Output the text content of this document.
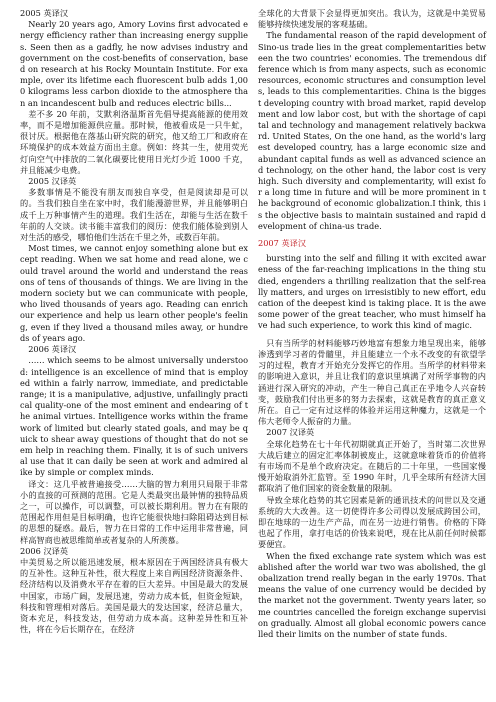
2005 英译汉

Nearly 20 years ago, Amory Lovins first advocated energy efficiency rather than increasing energy supplies. Seen then as a gadfly, he now advises industry and government on the cost-benefits of conservation, based on research at his Rocky Mountain Institute. For example, over its lifetime each fluorescent bulb adds 1,000 kilograms less carbon dioxide to the atmosphere than an incandescent bulb and reduces electric bills...

差不多 20 年前，艾默利洛温斯首先倡导提高能源的使用效率，而不是增加能源供应量。那时候，他被看成是一只牛虻，很讨厌。根据他在落基山研究院的研究，他又给工厂和政府在环境保护的成本效益方面出主意。例如：终其一生，使用荧光灯向空气中排放的二氧化碳要比使用日光灯少近 1000 千克，并且能减少电费。

2005 汉译英

多数事情是不能没有朋友而独自享受，但是阅读却是可以的。当我们独自坐在家中时，我们能漫游世界，并且能够明白成千上万种事情产生的道理。我们生活在，却能与生活在数千年前的人交谈。读书能丰富我们的阅历：使我们能体验到别人对生活的感受，哪怕他们生活在千里之外，或数百年前。

Most times, we cannot enjoy something alone but except reading. When we sat home and read alone, we could travel around the world and understand the reasons of tens of thousands of things. We are living in the modern society but we can communicate with people, who lived thousands of years ago. Reading can enrich our experience and help us learn other people's feeling, even if they lived a thousand miles away, or hundreds of years ago.

2006 英译汉

…… which seems to be almost universally understood: intelligence is an excellence of mind that is employed within a fairly narrow, immediate, and predictable range; it is a manipulative, adjustive, unfailingly practical quality-one of the most eminent and endearing of the animal virtues. Intelligence works within the framework of limited but clearly stated goals, and may be quick to shear away questions of thought that do not seem help in reaching them. Finally, it is of such universal use that it can daily be seen at work and admired alike by simple or complex minds.

译文：这几乎被普遍接受……大脑的智力利用只局限于非常小的直接的可预测的范围。它是人类最突出最钟情的独特品质之一，可以操作，可以调整，可以被长期利用。智力在有限的范围起作用但是目标明确，也许它能很快地扫除阻碍达到目标的思想的疑惑。最后，智力在日常的工作中运用非常普遍，同样高智商也被思维简单或者复杂的人所羡慕。

2006 汉译英

中美贸易之所以能迅速发展，根本原因在于两国经济具有极大的互补性。这种互补性，很大程度上来自两国经济资源条件、经济结构以及消费水平存在着的巨大差异。中国是最大的发展中国家，市场广阔，发展迅速，劳动力成本低，但资金短缺，科技和管理相对落后。美国是最大的发达国家，经济总量大，资本充足，科技发达，但劳动力成本高。这种差异性和互补性，将在今后长期存在，在经济

全球化的大背景下会显得更加突出。我认为，这就是中美贸易能够持续快速发展的客观基础。

The fundamental reason of the rapid development of Sino-us trade lies in the great complementarities between the two countries' economies. The tremendous difference which is from many aspects, such as economic resources, economic structures and consumption levels, leads to this complementarities. China is the biggest developing country with broad market, rapid development and low labor cost, but with the shortage of capital and technology and management relatively backward. United States, On the one hand, as the world's largest developed country, has a large economic size and abundant capital funds as well as advanced science and technology, on the other hand, the labor cost is very high. Such diversity and complementarity, will exist for a long time in future and will be more prominent in the background of economic globalization.I think, this is the objective basis to maintain sustained and rapid development of china-us trade.

2007 英译汉

bursting into the self and filling it with excited awareness of the far-reaching implications in the thing studied, engenders a thrilling realization that the self-really matters, and urges on irresistibly to new effort, education of the deepest kind is taking place. It is the awesome power of the great teacher, who must himself have had such experience, to work this kind of magic.

只有当所学的材料能够巧妙地富有想象力地呈现出来，能够渗透到学习者的骨髓里，并且能建立一个永不改变的有欲望学习的过程，教育才开始充分发挥它的作用。当所学的材料带来的影响进入意识，并且让我们的意识里填满了对所学事物的内涵进行深入研究的冲动，产生一种自己真正在乎地令人兴奋转变，鼓励我们付出更多的努力去探索，这就是教育的真正意义所在。自己一定有过这样的体验并运用这种魔力，这就是一个伟大老师令人振奋的力量。

2007 汉译英

全球化趋势在七十年代初期就真正开始了，当时第二次世界大战后建立的固定汇率体制被废止，这就意味着货币的价值将有市场而不是单个政府决定。在随后的二十年里，一些国家慢慢开始取消外汇监管。至 1990 年时，几乎全球所有经济大国都取消了他们国家的资金数量的限制。

导致全球化趋势的其它因素是新的通讯技术的问世以及交通系统的大大改善。这一切使得许多公司得以发展成跨国公司，即在地球的一边生产产品，而在另一边进行销售。价格的下降也起了作用，拿打电话的价钱来说吧，现在比从前任何时候都要便宜。

When the fixed exchange rate system which was established after the world war two was abolished, the globalization trend really began in the early 1970s. That means the value of one currency would be decided by the market not the government. Twenty years later, some countries cancelled the foreign exchange supervision gradually. Almost all global economic powers cancelled their limits on the number of state funds.
